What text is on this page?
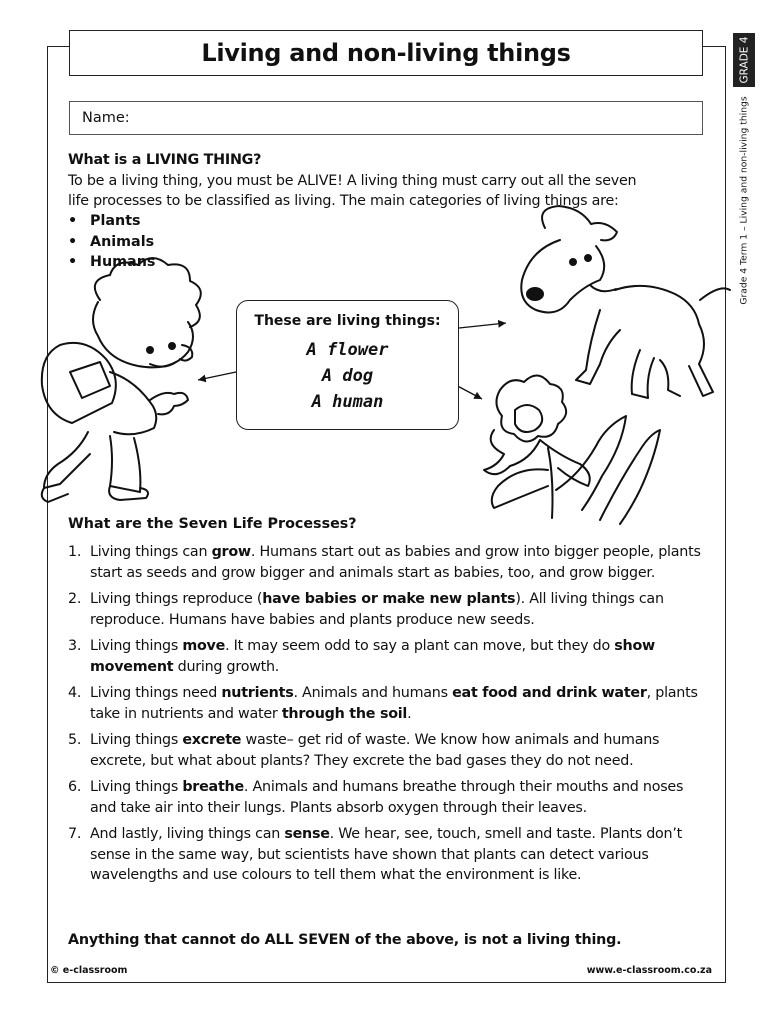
Living and non-living things	GRADE 4
Grade 4 Term 1 – Living and non-living things
Name:
What is a LIVING THING?
To be a living thing, you must be ALIVE! A living thing must carry out all the seven
life processes to be classified as living. The main categories of living things are:
• Plants
• Animals
• Humans
These are living things:
A flower
A dog
A human
What are the Seven Life Processes?
1. Living things can grow. Humans start out as babies and grow into bigger people, plants start as seeds and grow bigger and animals start as babies, too, and grow bigger.
2. Living things reproduce (have babies or make new plants). All living things can reproduce. Humans have babies and plants produce new seeds.
3. Living things move. It may seem odd to say a plant can move, but they do show movement during growth.
4. Living things need nutrients. Animals and humans eat food and drink water, plants take in nutrients and water through the soil.
5. Living things excrete waste– get rid of waste. We know how animals and humans excrete, but what about plants? They excrete the bad gases they do not need.
6. Living things breathe. Animals and humans breathe through their mouths and noses and take air into their lungs. Plants absorb oxygen through their leaves.
7. And lastly, living things can sense. We hear, see, touch, smell and taste. Plants don’t sense in the same way, but scientists have shown that plants can detect various wavelengths and use colours to tell them what the environment is like.
Anything that cannot do ALL SEVEN of the above, is not a living thing.
© e-classroom	www.e-classroom.co.za
